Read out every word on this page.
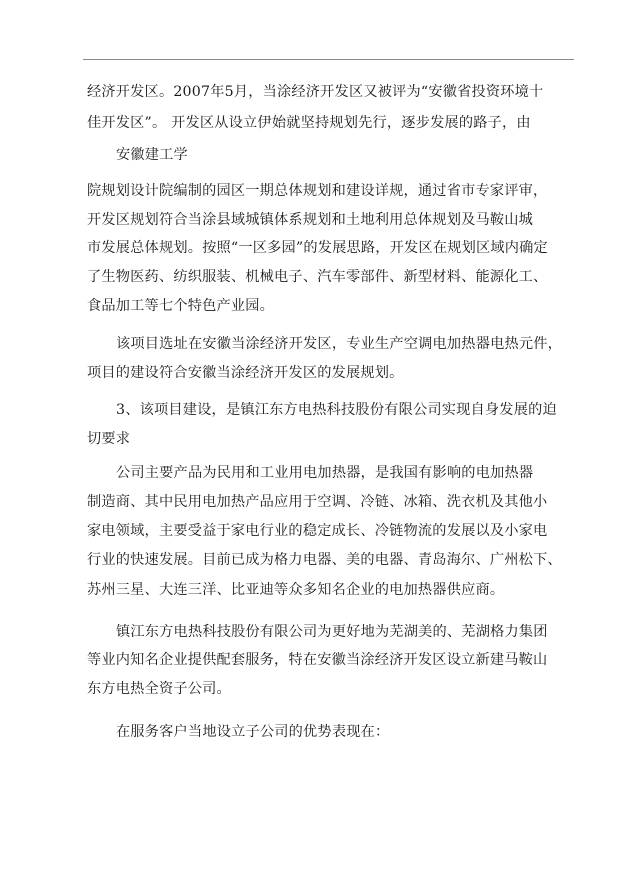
经济开发区。2007年5月，当涂经济开发区又被评为“安徽省投资环境十
佳开发区”。 开发区从设立伊始就坚持规划先行，逐步发展的路子，由
安徽建工学
院规划设计院编制的园区一期总体规划和建设详规，通过省市专家评审，
开发区规划符合当涂县域城镇体系规划和土地利用总体规划及马鞍山城
市发展总体规划。按照“一区多园”的发展思路，开发区在规划区域内确定
了生物医药、纺织服装、机械电子、汽车零部件、新型材料、能源化工、
食品加工等七个特色产业园。
该项目选址在安徽当涂经济开发区，专业生产空调电加热器电热元件，
项目的建设符合安徽当涂经济开发区的发展规划。
3、该项目建设，是镇江东方电热科技股份有限公司实现自身发展的迫
切要求
公司主要产品为民用和工业用电加热器，是我国有影响的电加热器
制造商、其中民用电加热产品应用于空调、冷链、冰箱、洗衣机及其他小
家电领域，主要受益于家电行业的稳定成长、冷链物流的发展以及小家电
行业的快速发展。目前已成为格力电器、美的电器、青岛海尔、广州松下、
苏州三星、大连三洋、比亚迪等众多知名企业的电加热器供应商。
镇江东方电热科技股份有限公司为更好地为芜湖美的、芜湖格力集团
等业内知名企业提供配套服务，特在安徽当涂经济开发区设立新建马鞍山
东方电热全资子公司。
在服务客户当地设立子公司的优势表现在：
